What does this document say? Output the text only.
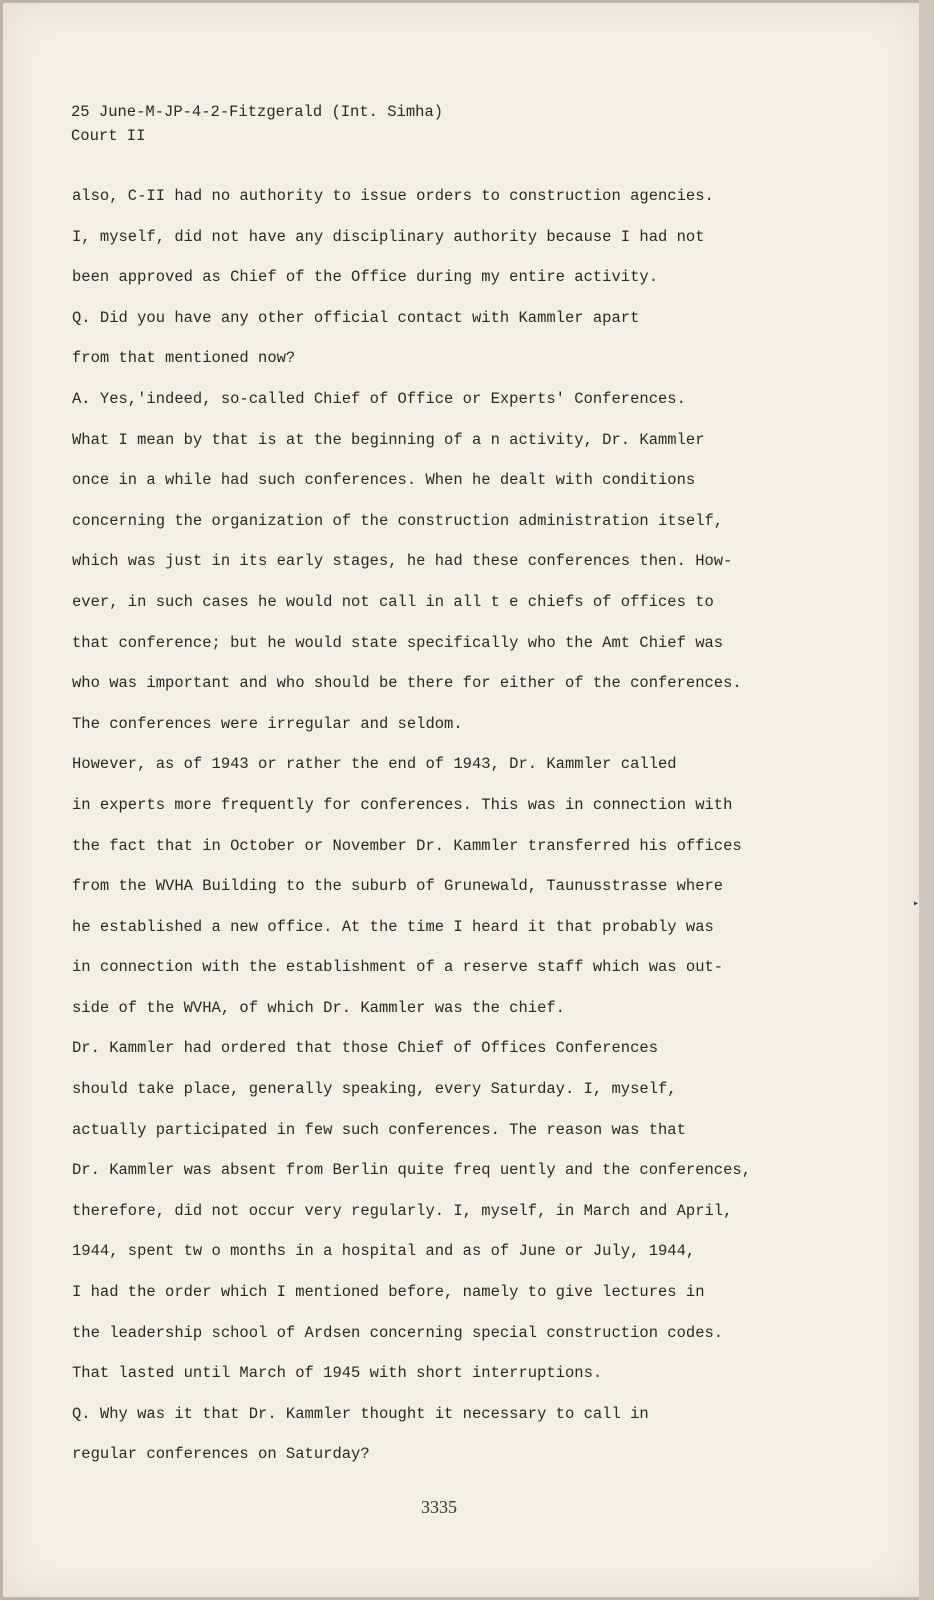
▸
25 June-M-JP-4-2-Fitzgerald (Int. Simha)
Court II
also, C-II had no authority to issue orders to construction agencies.
I, myself, did not have any disciplinary authority because I had not
been approved as Chief of the Office during my entire activity.
Q. Did you have any other official contact with Kammler apart
from that mentioned now?
A. Yes,'indeed, so-called Chief of Office or Experts' Conferences.
What I mean by that is at the beginning of a n activity, Dr. Kammler
once in a while had such conferences. When he dealt with conditions
concerning the organization of the construction administration itself,
which was just in its early stages, he had these conferences then. How-
ever, in such cases he would not call in all t e chiefs of offices to
that conference; but he would state specifically who the Amt Chief was
who was important and who should be there for either of the conferences.
The conferences were irregular and seldom.
However, as of 1943 or rather the end of 1943, Dr. Kammler called
in experts more frequently for conferences. This was in connection with
the fact that in October or November Dr. Kammler transferred his offices
from the WVHA Building to the suburb of Grunewald, Taunusstrasse where
he established a new office. At the time I heard it that probably was
in connection with the establishment of a reserve staff which was out-
side of the WVHA, of which Dr. Kammler was the chief.
Dr. Kammler had ordered that those Chief of Offices Conferences
should take place, generally speaking, every Saturday. I, myself,
actually participated in few such conferences. The reason was that
Dr. Kammler was absent from Berlin quite freq uently and the conferences,
therefore, did not occur very regularly. I, myself, in March and April,
1944, spent tw o months in a hospital and as of June or July, 1944,
I had the order which I mentioned before, namely to give lectures in
the leadership school of Ardsen concerning special construction codes.
That lasted until March of 1945 with short interruptions.
Q. Why was it that Dr. Kammler thought it necessary to call in
regular conferences on Saturday?
3335
